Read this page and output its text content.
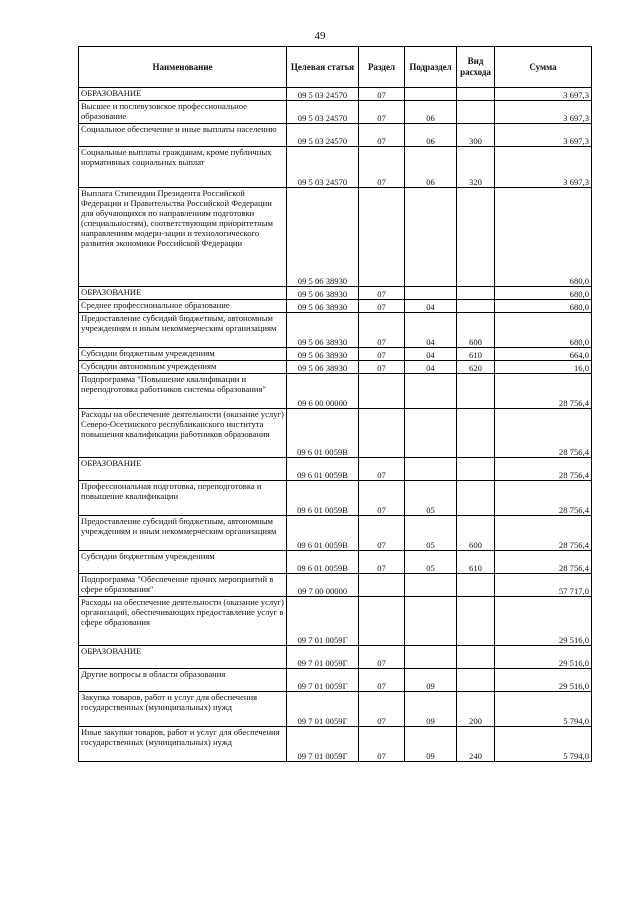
49
Наименование	Целевая статья	Раздел	Подраздел	Вид расхода	Сумма
ОБРАЗОВАНИЕ	09 5 03 24570	07			3 697,3
Высшее и послевузовское профессиональное образование	09 5 03 24570	07	06		3 697,3
Социальное обеспечение и иные выплаты населению	09 5 03 24570	07	06	300	3 697,3
Социальные выплаты гражданам, кроме публичных нормативных социальных выплат	09 5 03 24570	07	06	320	3 697,3
Выплата Стипендии Президента Российской Федерации и Правительства Российской Федерации для обучающихся по направлениям подготовки (специальностям), соответствующим приоритетным направлениям модерн-зации и технологического развития экономики Российской Федерации	09 5 06 38930				680,0
ОБРАЗОВАНИЕ	09 5 06 38930	07			680,0
Среднее профессиональное образование	09 5 06 38930	07	04		680,0
Предоставление субсидий бюджетным, автономным учреждениям и иным некоммерческим организациям	09 5 06 38930	07	04	600	680,0
Субсидии бюджетным учреждениям	09 5 06 38930	07	04	610	664,0
Субсидии автономным учреждениям	09 5 06 38930	07	04	620	16,0
Подпрограмма "Повышение квалификации и переподготовка работников системы образования"	09 6 00 00000				28 756,4
Расходы на обеспечение деятельности (оказание услуг) Северо-Осетинского республиканского института повышения квалификации работников образования	09 6 01 0059В				28 756,4
ОБРАЗОВАНИЕ	09 6 01 0059В	07			28 756,4
Профессиональная подготовка, переподготовка и повышение квалификации	09 6 01 0059В	07	05		28 756,4
Предоставление субсидий бюджетным, автономным учреждениям и иным некоммерческим организациям	09 6 01 0059В	07	05	600	28 756,4
Субсидии бюджетным учреждениям	09 6 01 0059В	07	05	610	28 756,4
Подпрограмма "Обеспечение прочих мероприятий в сфере образования"	09 7 00 00000				57 717,0
Расходы на обеспечение деятельности (оказание услуг) организаций, обеспечивающих предоставление услуг в сфере образования	09 7 01 0059Г				29 516,0
ОБРАЗОВАНИЕ	09 7 01 0059Г	07			29 516,0
Другие вопросы в области образования	09 7 01 0059Г	07	09		29 516,0
Закупка товаров, работ и услуг для обеспечения государственных (муниципальных) нужд	09 7 01 0059Г	07	09	200	5 794,0
Иные закупки товаров, работ и услуг для обеспечения государственных (муниципальных) нужд	09 7 01 0059Г	07	09	240	5 794,0
